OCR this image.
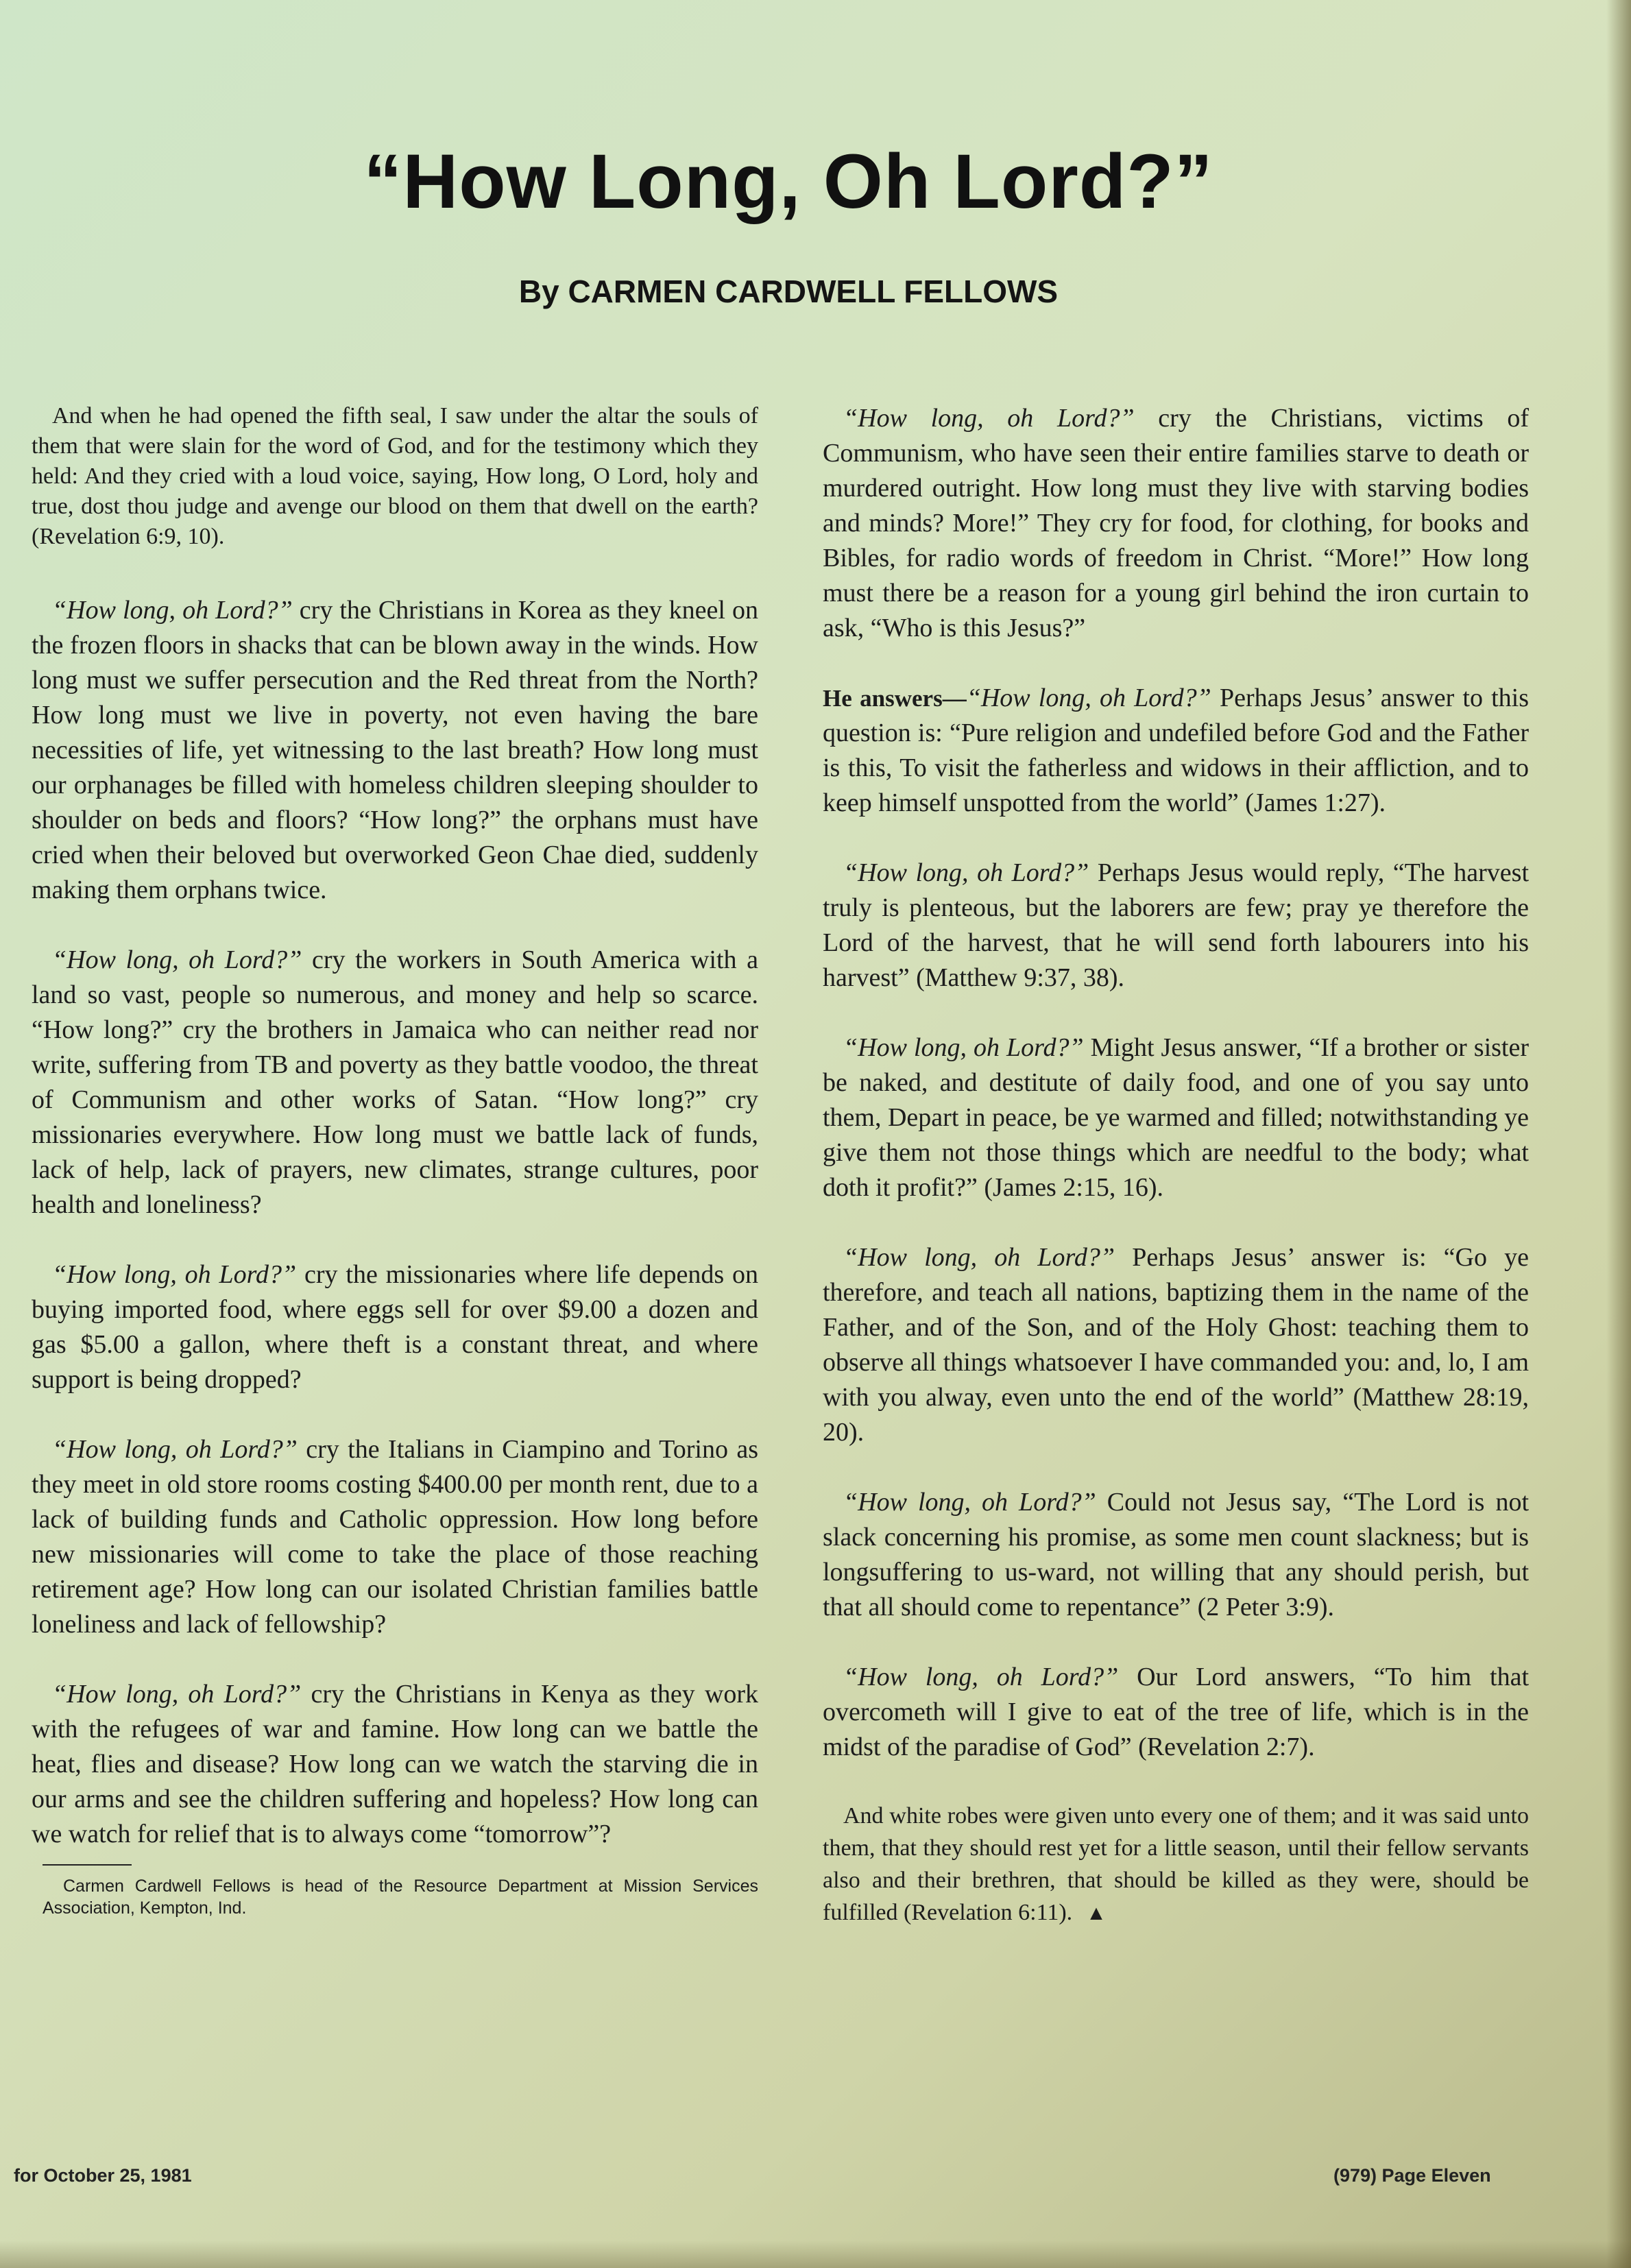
“How Long, Oh Lord?”
By CARMEN CARDWELL FELLOWS

And when he had opened the fifth seal, I saw under the altar the souls of them that were slain for the word of God, and for the testimony which they held: And they cried with a loud voice, saying, How long, O Lord, holy and true, dost thou judge and avenge our blood on them that dwell on the earth? (Revelation 6:9, 10).

“How long, oh Lord?” cry the Christians in Korea as they kneel on the frozen floors in shacks that can be blown away in the winds. How long must we suffer persecution and the Red threat from the North? How long must we live in poverty, not even having the bare necessities of life, yet witnessing to the last breath? How long must our orphanages be filled with homeless children sleeping shoulder to shoulder on beds and floors? “How long?” the orphans must have cried when their beloved but overworked Geon Chae died, suddenly making them orphans twice.

“How long, oh Lord?” cry the workers in South America with a land so vast, people so numerous, and money and help so scarce. “How long?” cry the brothers in Jamaica who can neither read nor write, suffering from TB and poverty as they battle voodoo, the threat of Communism and other works of Satan. “How long?” cry missionaries everywhere. How long must we battle lack of funds, lack of help, lack of prayers, new climates, strange cultures, poor health and loneliness?

“How long, oh Lord?” cry the missionaries where life depends on buying imported food, where eggs sell for over $9.00 a dozen and gas $5.00 a gallon, where theft is a constant threat, and where support is being dropped?

“How long, oh Lord?” cry the Italians in Ciampino and Torino as they meet in old store rooms costing $400.00 per month rent, due to a lack of building funds and Catholic oppression. How long before new missionaries will come to take the place of those reaching retirement age? How long can our isolated Christian families battle loneliness and lack of fellowship?

“How long, oh Lord?” cry the Christians in Kenya as they work with the refugees of war and famine. How long can we battle the heat, flies and disease? How long can we watch the starving die in our arms and see the children suffering and hopeless? How long can we watch for relief that is to always come “tomorrow”?

Carmen Cardwell Fellows is head of the Resource Department at Mission Services Association, Kempton, Ind.

“How long, oh Lord?” cry the Christians, victims of Communism, who have seen their entire families starve to death or murdered outright. How long must they live with starving bodies and minds? More!” They cry for food, for clothing, for books and Bibles, for radio words of freedom in Christ. “More!” How long must there be a reason for a young girl behind the iron curtain to ask, “Who is this Jesus?”

He answers—“How long, oh Lord?” Perhaps Jesus’ answer to this question is: “Pure religion and undefiled before God and the Father is this, To visit the fatherless and widows in their affliction, and to keep himself unspotted from the world” (James 1:27).

“How long, oh Lord?” Perhaps Jesus would reply, “The harvest truly is plenteous, but the laborers are few; pray ye therefore the Lord of the harvest, that he will send forth labourers into his harvest” (Matthew 9:37, 38).

“How long, oh Lord?” Might Jesus answer, “If a brother or sister be naked, and destitute of daily food, and one of you say unto them, Depart in peace, be ye warmed and filled; notwithstanding ye give them not those things which are needful to the body; what doth it profit?” (James 2:15, 16).

“How long, oh Lord?” Perhaps Jesus’ answer is: “Go ye therefore, and teach all nations, baptizing them in the name of the Father, and of the Son, and of the Holy Ghost: teaching them to observe all things whatsoever I have commanded you: and, lo, I am with you alway, even unto the end of the world” (Matthew 28:19, 20).

“How long, oh Lord?” Could not Jesus say, “The Lord is not slack concerning his promise, as some men count slackness; but is longsuffering to us-ward, not willing that any should perish, but that all should come to repentance” (2 Peter 3:9).

“How long, oh Lord?” Our Lord answers, “To him that overcometh will I give to eat of the tree of life, which is in the midst of the paradise of God” (Revelation 2:7).

And white robes were given unto every one of them; and it was said unto them, that they should rest yet for a little season, until their fellow servants also and their brethren, that should be killed as they were, should be fulfilled (Revelation 6:11). ▲

for October 25, 1981	(979) Page Eleven
